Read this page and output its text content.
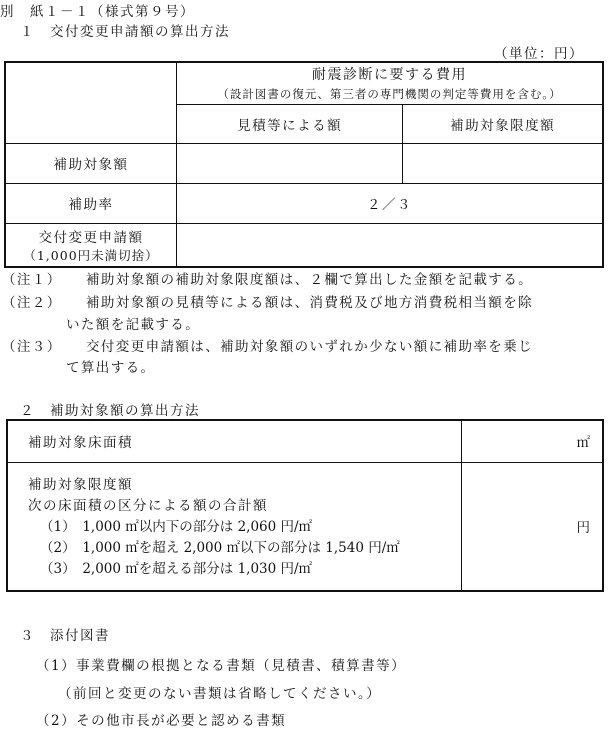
別　紙１－１（様式第９号）
１　交付変更申請額の算出方法
（単位：円）

	耐震診断に要する費用
（設計図書の復元、第三者の専門機関の判定等費用を含む。）	

	見積等による額	補助対象限度額
補助対象額		
補助率	２／３	

交付変更申請額
（1,000円未満切捨）		

（注１） 補助対象額の補助対象限度額は、２欄で算出した金額を記載する。
（注２） 補助対象額の見積等による額は、消費税及び地方消費税相当額を除
いた額を記載する。
（注３） 交付変更申請額は、補助対象額のいずれか少ない額に補助率を乗じ
て算出する。
２　補助対象額の算出方法
補助対象床面積	㎡

補助対象限度額
次の床面積の区分による額の合計額
（1）　1,000 ㎡以内下の部分は 2,060 円/㎡
（2）　1,000 ㎡を超え 2,000 ㎡以下の部分は 1,540 円/㎡
（3）　2,000 ㎡を超える部分は 1,030 円/㎡	円
３　添付図書
（1）事業費欄の根拠となる書類（見積書、積算書等）
（前回と変更のない書類は省略してください。）
（2）その他市長が必要と認める書類
